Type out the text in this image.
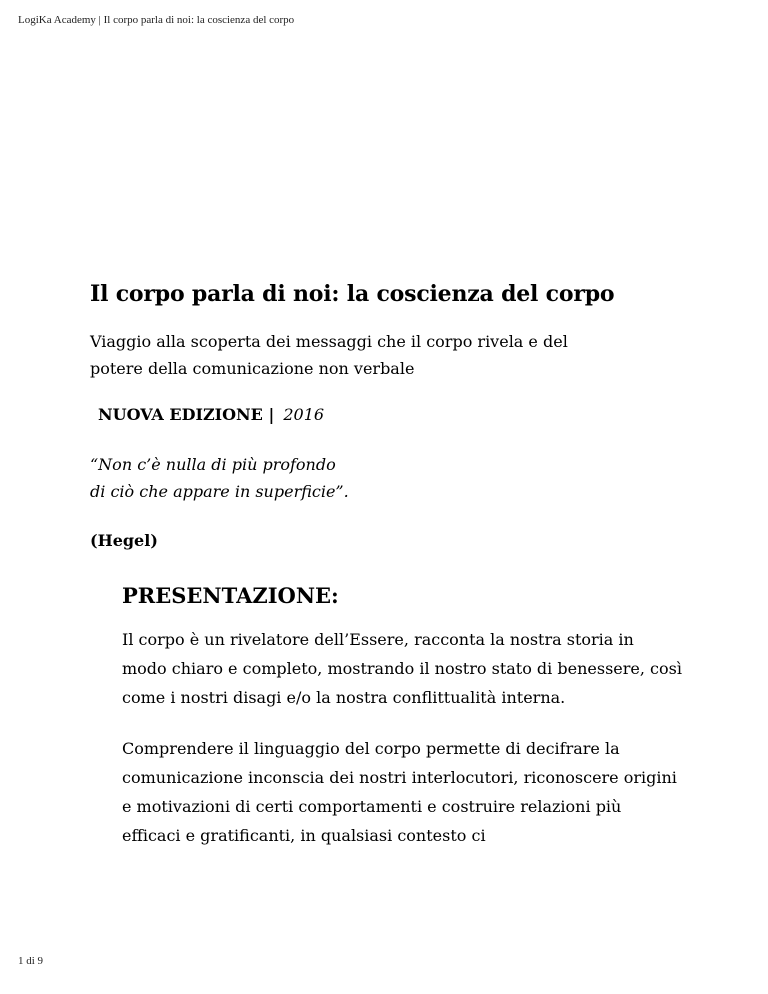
LogiKa Academy | Il corpo parla di noi: la coscienza del corpo
Il corpo parla di noi: la coscienza del corpo

Viaggio alla scoperta dei messaggi che il corpo rivela e del potere della comunicazione non verbale

NUOVA EDIZIONE | 2016
“Non c’è nulla di più profondo
di ciò che appare in superficie”.
(Hegel)
PRESENTAZIONE:

Il corpo è un rivelatore dell’Essere, racconta la nostra storia in modo chiaro e completo, mostrando il nostro stato di benessere, così come i nostri disagi e/o la nostra conflittualità interna.

Comprendere il linguaggio del corpo permette di decifrare la comunicazione inconscia dei nostri interlocutori, riconoscere origini e motivazioni di certi comportamenti e costruire relazioni più efficaci e gratificanti, in qualsiasi contesto ci

1 di 9
